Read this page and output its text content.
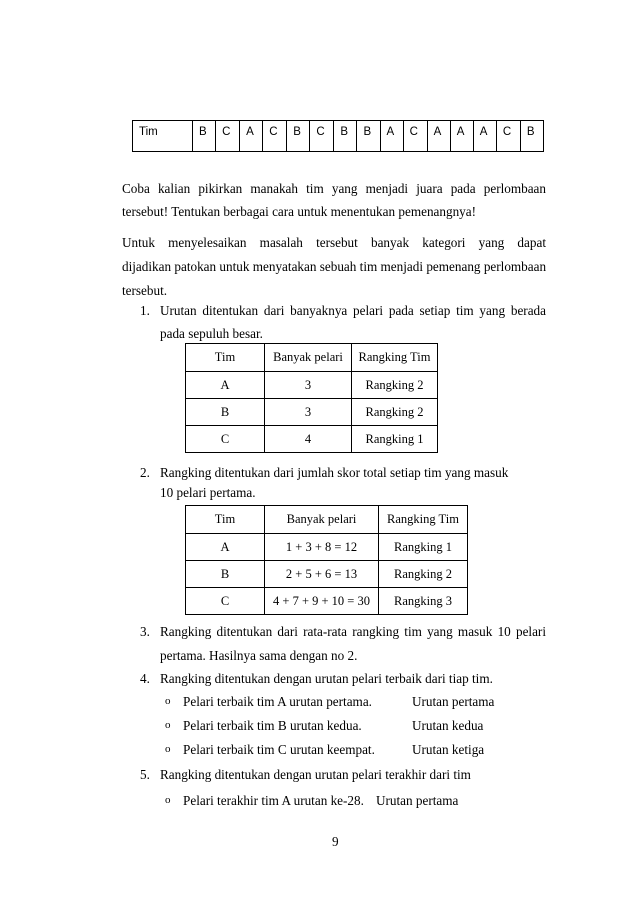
Tim	B	C	A	C	B	C	B	B	A	C	A	A	A	C	B
Coba kalian pikirkan manakah tim yang menjadi juara pada perlombaan
tersebut! Tentukan berbagai cara untuk menentukan pemenangnya!
Untuk menyelesaikan masalah tersebut banyak kategori yang dapat
dijadikan patokan untuk menyatakan sebuah tim menjadi pemenang perlombaan
tersebut.
1. Urutan ditentukan dari banyaknya pelari pada setiap tim yang berada
pada sepuluh besar.
Tim	Banyak pelari	Rangking Tim
A	3	Rangking 2
B	3	Rangking 2
C	4	Rangking 1
2. Rangking ditentukan dari jumlah skor total setiap tim yang masuk
10 pelari pertama.
Tim	Banyak pelari	Rangking Tim
A	1 + 3 + 8 = 12	Rangking 1
B	2 + 5 + 6 = 13	Rangking 2
C	4 + 7 + 9 + 10 = 30	Rangking 3
3. Rangking ditentukan dari rata-rata rangking tim yang masuk 10 pelari
pertama. Hasilnya sama dengan no 2.
4. Rangking ditentukan dengan urutan pelari terbaik dari tiap tim.
o Pelari terbaik tim A urutan pertama.	Urutan pertama
o Pelari terbaik tim B urutan kedua.	Urutan kedua
o Pelari terbaik tim C urutan keempat.	Urutan ketiga
5. Rangking ditentukan dengan urutan pelari terakhir dari tim
o Pelari terakhir tim A urutan ke-28. Urutan pertama
9
